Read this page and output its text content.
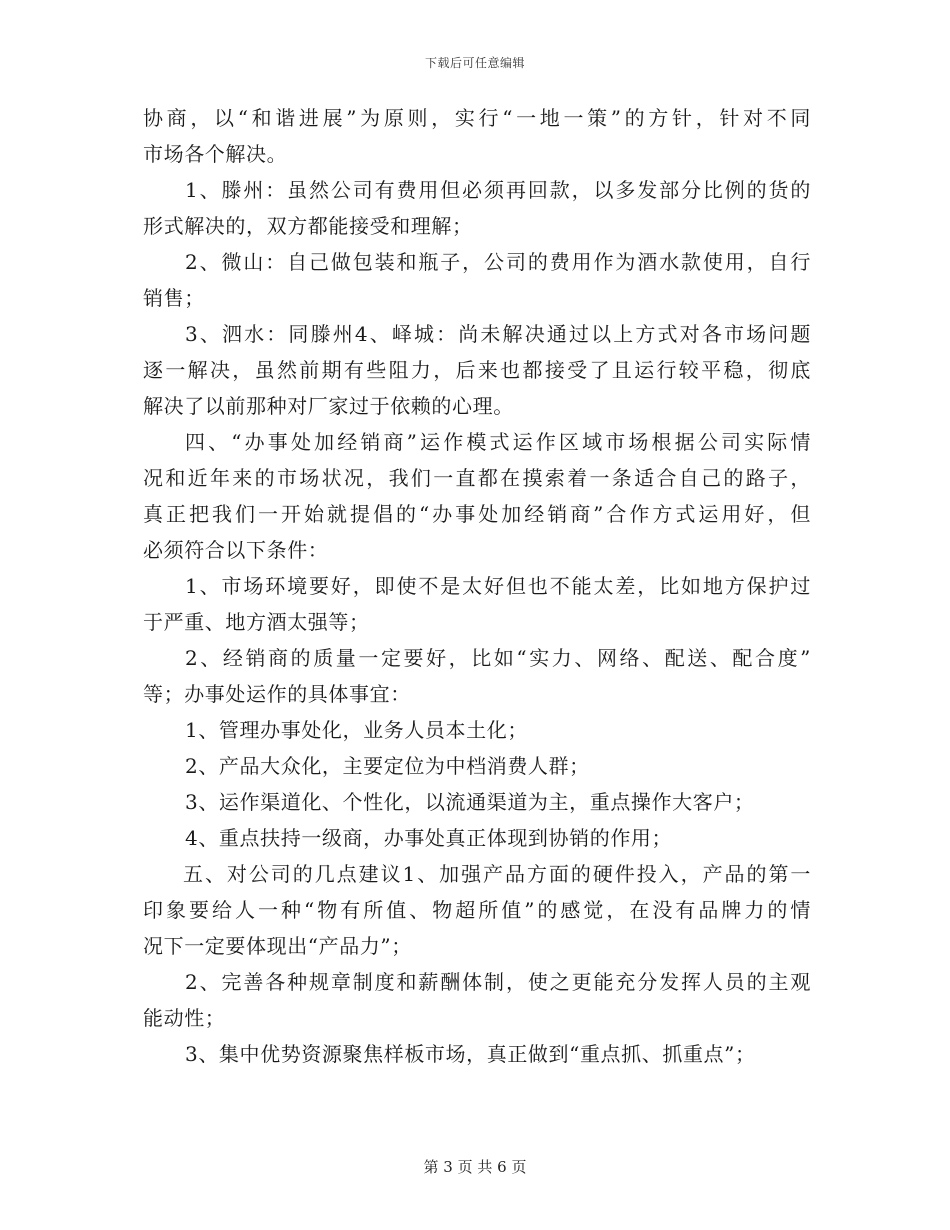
下载后可任意编辑
协商，以“和谐进展”为原则，实行“一地一策”的方针，针对不同
市场各个解决。
1、滕州：虽然公司有费用但必须再回款，以多发部分比例的货的
形式解决的，双方都能接受和理解；
2、微山：自己做包装和瓶子，公司的费用作为酒水款使用，自行
销售；
3、泗水：同滕州4、峄城：尚未解决通过以上方式对各市场问题
逐一解决，虽然前期有些阻力，后来也都接受了且运行较平稳，彻底
解决了以前那种对厂家过于依赖的心理。
四、“办事处加经销商”运作模式运作区域市场根据公司实际情
况和近年来的市场状况，我们一直都在摸索着一条适合自己的路子，
真正把我们一开始就提倡的“办事处加经销商”合作方式运用好，但
必须符合以下条件：
1、市场环境要好，即使不是太好但也不能太差，比如地方保护过
于严重、地方酒太强等；
2、经销商的质量一定要好，比如“实力、网络、配送、配合度”
等；办事处运作的具体事宜：
1、管理办事处化，业务人员本土化；
2、产品大众化，主要定位为中档消费人群；
3、运作渠道化、个性化，以流通渠道为主，重点操作大客户；
4、重点扶持一级商，办事处真正体现到协销的作用；
五、对公司的几点建议1、加强产品方面的硬件投入，产品的第一
印象要给人一种“物有所值、物超所值”的感觉，在没有品牌力的情
况下一定要体现出“产品力”；
2、完善各种规章制度和薪酬体制，使之更能充分发挥人员的主观
能动性；
3、集中优势资源聚焦样板市场，真正做到“重点抓、抓重点”；
第 3 页 共 6 页
